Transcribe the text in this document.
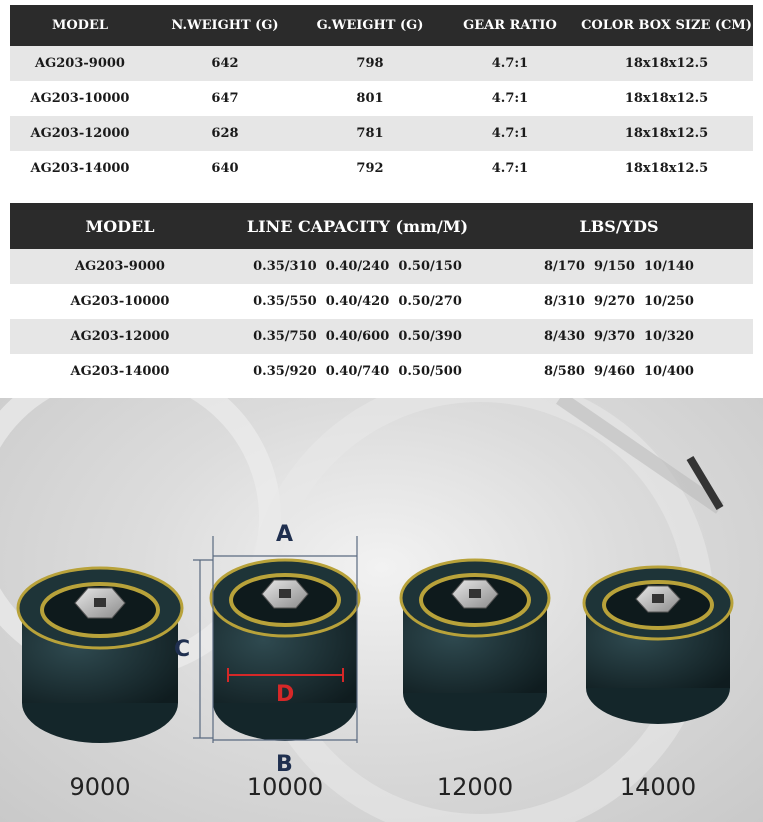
MODEL	N.WEIGHT (G)	G.WEIGHT (G)	GEAR RATIO	COLOR BOX SIZE (CM)
AG203-9000	642	798	4.7:1	18x18x12.5
AG203-10000	647	801	4.7:1	18x18x12.5
AG203-12000	628	781	4.7:1	18x18x12.5
AG203-14000	640	792	4.7:1	18x18x12.5
MODEL	LINE CAPACITY (mm/M)	LBS/YDS
AG203-9000	0.35/310  0.40/240  0.50/150	8/170  9/150  10/140
AG203-10000	0.35/550  0.40/420  0.50/270	8/310  9/270  10/250
AG203-12000	0.35/750  0.40/600  0.50/390	8/430  9/370  10/320
AG203-14000	0.35/920  0.40/740  0.50/500	8/580  9/460  10/400
A
C
D
B
9000	10000	12000	14000
